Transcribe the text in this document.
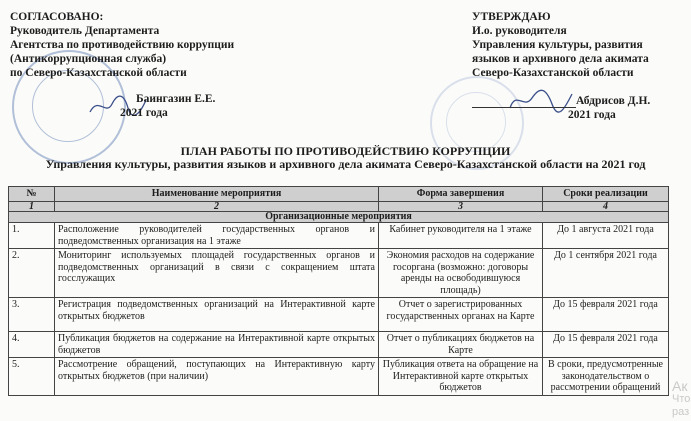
СОГЛАСОВАНО:
Руководитель Департамента
Агентства по противодействию коррупции
(Антикоррупционная служба)
по Северо-Казахстанской области
Баингазин Е.Е.
2021 года
УТВЕРЖДАЮ
И.о. руководителя
Управления культуры, развития
языков и архивного дела акимата
Северо-Казахстанской области
Абдрисов Д.Н.
2021 года
ПЛАН РАБОТЫ ПО ПРОТИВОДЕЙСТВИЮ КОРРУПЦИИ
Управления культуры, развития языков и архивного дела акимата Северо-Казахстанской области на 2021 год
№	Наименование мероприятия	Форма завершения	Сроки реализации
1	2	3	4
Организационные мероприятия			
1.	Расположение руководителей государственных органов и подведомственных организация на 1 этаже	Кабинет руководителя на 1 этаже	До 1 августа 2021 года
2.	Мониторинг используемых площадей государственных органов и подведомственных организаций в связи с сокращением штата госслужащих	Экономия расходов на содержание госоргана (возможно: договоры аренды на освободившуюся площадь)	До 1 сентября 2021 года
3.	Регистрация подведомственных организаций на Интерактивной карте открытых бюджетов	Отчет о зарегистрированных государственных органах на Карте	До 15 февраля 2021 года
4.	Публикация бюджетов на содержание на Интерактивной карте открытых бюджетов	Отчет о публикациях бюджетов на Карте	До 15 февраля 2021 года
5.	Рассмотрение обращений, поступающих на Интерактивную карту открытых бюджетов (при наличии)	Публикация ответа на обращение на Интерактивной карте открытых бюджетов	В сроки, предусмотренные законодательством о рассмотрении обращений Ак
Что
раз
